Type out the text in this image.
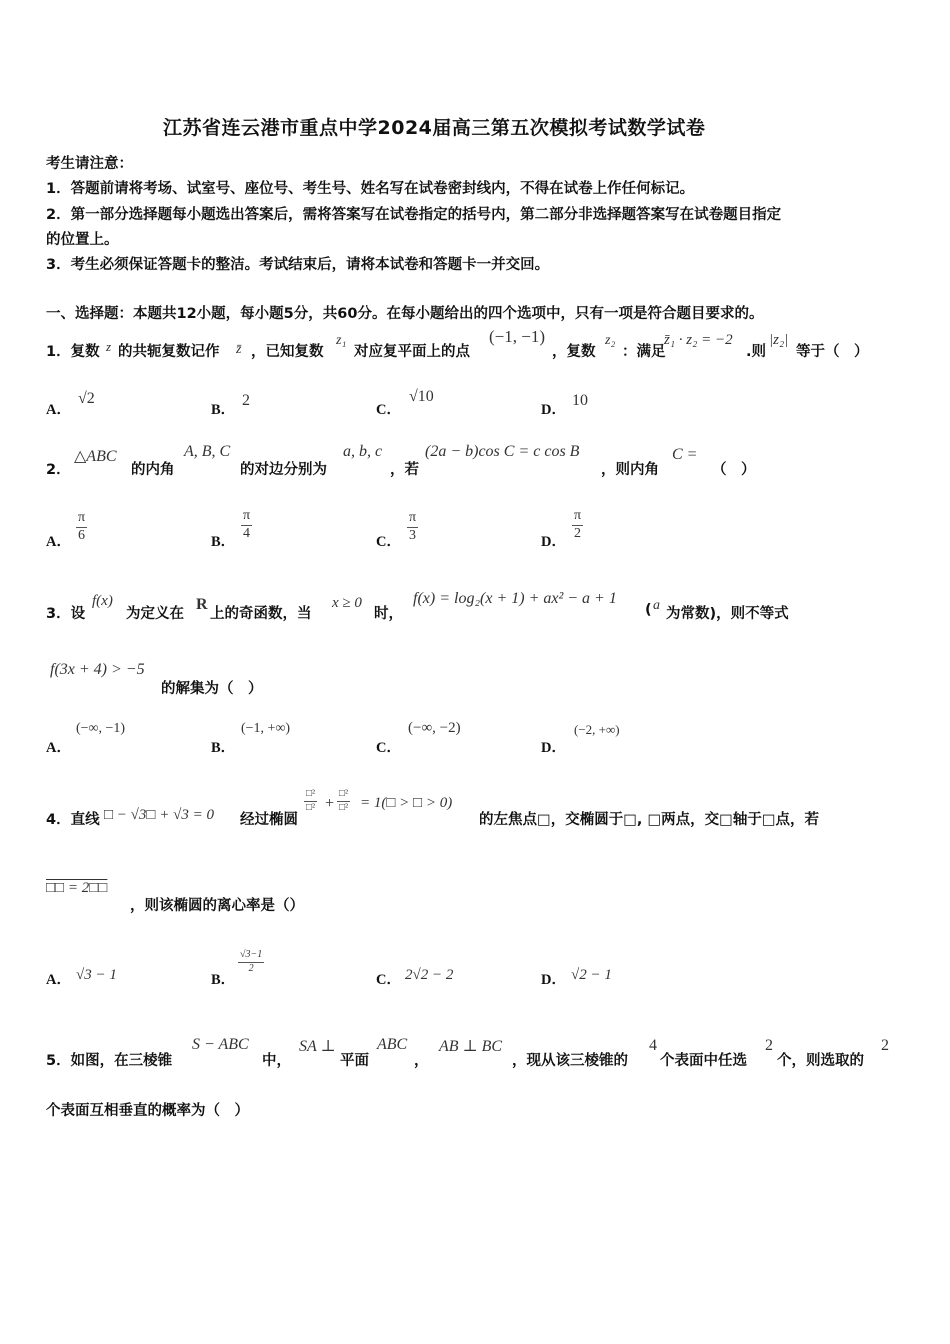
江苏省连云港市重点中学2024届高三第五次模拟考试数学试卷
考生请注意：
1．答题前请将考场、试室号、座位号、考生号、姓名写在试卷密封线内，不得在试卷上作任何标记。
2．第一部分选择题每小题选出答案后，需将答案写在试卷指定的括号内，第二部分非选择题答案写在试卷题目指定
的位置上。
3．考生必须保证答题卡的整洁。考试结束后，请将本试卷和答题卡一并交回。
一、选择题：本题共12小题，每小题5分，共60分。在每小题给出的四个选项中，只有一项是符合题目要求的。
1．复数 z 的共轭复数记作 z̄ ，已知复数
z₁
对应复平面上的点
(−1, −1)
，复数
z₂
：满足
z̄₁ · z₂ = −2
.则
|z₂|
等于（　）
A．
√2
B．
2
C．
√10
D．
10
2．
△ABC
的内角
A, B, C
的对边分别为
a, b, c
，若
(2a − b)cos C = c cos B
，则内角
C =
（　）
A． $\frac{\pi}{6}$	B．
$\frac{\pi}{4}$
C． $\frac{\pi}{3}$	D．
$\frac{\pi}{2}$
3．设
f(x)
为定义在
R
上的奇函数，当
x ≥ 0
时，
f(x) = log₂(x + 1) + ax² − a + 1
( a
为常数)，则不等式
f(3x + 4) > −5
的解集为（　）
A．
(−∞, −1)
B．
(−1, +∞)
C．
(−∞, −2)
D．
(−2, +∞)
4．直线 □ − √3□ + √3 = 0 经过椭圆
□²
□² +
□²
□² = 1(□ > □ > 0)
的左焦点□，交椭圆于□, □两点，交□轴于□点，若
□□ = 2□□
，则该椭圆的离心率是（）
A． √3 − 1	B．
$\frac{√3-1}{2}$
C． 2√2 − 2	D． √2 − 1
5．如图，在三棱锥
S − ABC
中，
SA ⊥
平面
ABC
，
AB ⊥ BC
，现从该三棱锥的
4
个表面中任选
2
个，则选取的
2
个表面互相垂直的概率为（　）
